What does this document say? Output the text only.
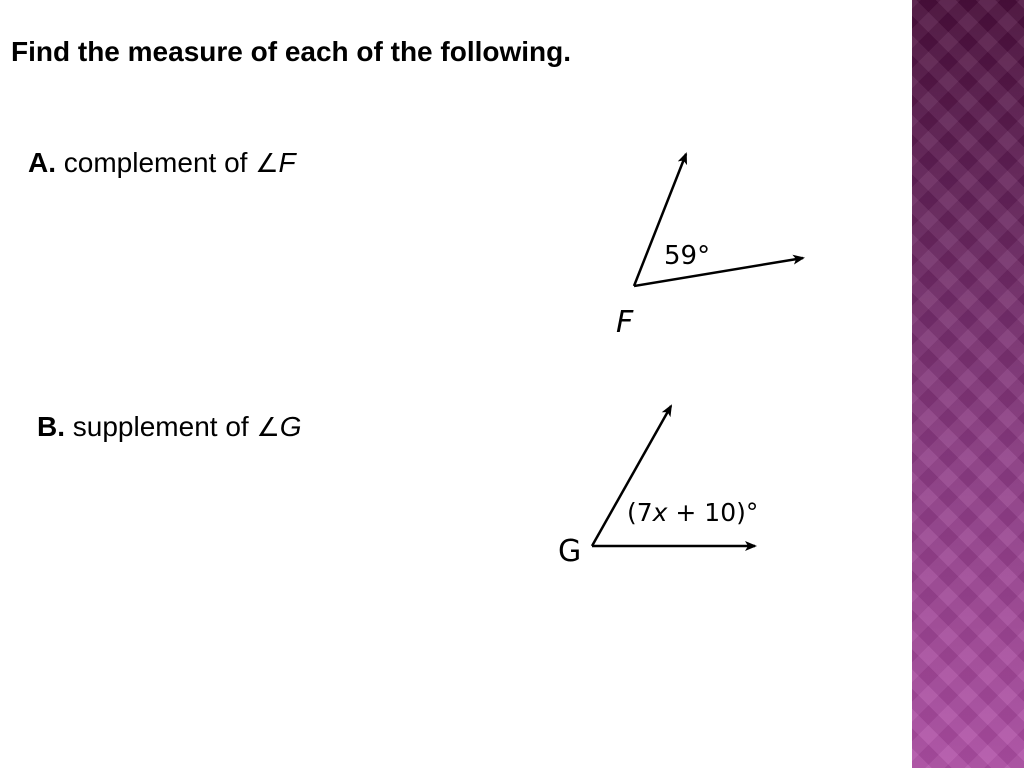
Find the measure of each of the following.
A. complement of ∠F
59°
F
B. supplement of ∠G
(7x + 10)°
G
